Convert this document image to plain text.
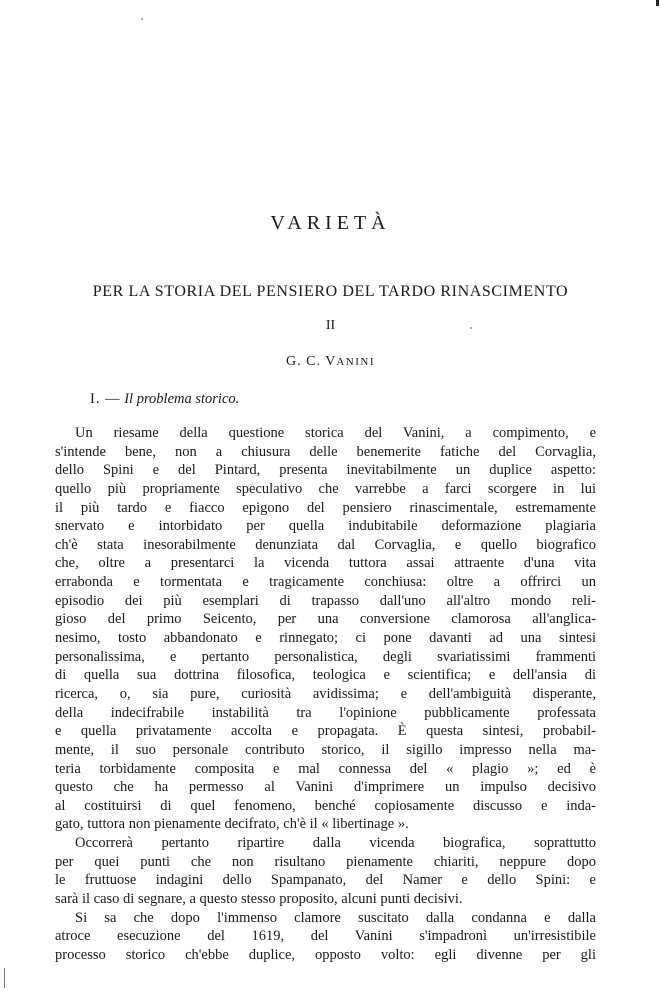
VARIETÀ
PER LA STORIA DEL PENSIERO DEL TARDO RINASCIMENTO
II
G. C. VANINI
I. — Il problema storico.
Un riesame della questione storica del Vanini, a compimento, e
s'intende bene, non a chiusura delle benemerite fatiche del Corvaglia,
dello Spini e del Pintard, presenta inevitabilmente un duplice aspetto:
quello più propriamente speculativo che varrebbe a farci scorgere in lui
il più tardo e fiacco epigono del pensiero rinascimentale, estremamente
snervato e intorbidato per quella indubitabile deformazione plagiaria
ch'è stata inesorabilmente denunziata dal Corvaglia, e quello biografico
che, oltre a presentarci la vicenda tuttora assai attraente d'una vita
errabonda e tormentata e tragicamente conchiusa: oltre a offrirci un
episodio dei più esemplari di trapasso dall'uno all'altro mondo reli-
gioso del primo Seicento, per una conversione clamorosa all'anglica-
nesimo, tosto abbandonato e rinnegato; ci pone davanti ad una sintesi
personalissima, e pertanto personalistica, degli svariatissimi frammenti
di quella sua dottrina filosofica, teologica e scientifica; e dell'ansia di
ricerca, o, sia pure, curiosità avidissima; e dell'ambiguità disperante,
della indecifrabile instabilità tra l'opinione pubblicamente professata
e quella privatamente accolta e propagata. È questa sintesi, probabil-
mente, il suo personale contributo storico, il sigillo impresso nella ma-
teria torbidamente composita e mal connessa del « plagio »; ed è
questo che ha permesso al Vanini d'imprimere un impulso decisivo
al costituirsi di quel fenomeno, benché copiosamente discusso e inda-
gato, tuttora non pienamente decifrato, ch'è il « libertinage ».
Occorrerà pertanto ripartire dalla vicenda biografica, soprattutto
per quei punti che non risultano pienamente chiariti, neppure dopo
le fruttuose indagini dello Spampanato, del Namer e dello Spini: e
sarà il caso di segnare, a questo stesso proposito, alcuni punti decisivi.
Si sa che dopo l'immenso clamore suscitato dalla condanna e dalla
atroce esecuzione del 1619, del Vanini s'impadronì un'irresistibile
processo storico ch'ebbe duplice, opposto volto: egli divenne per gli
